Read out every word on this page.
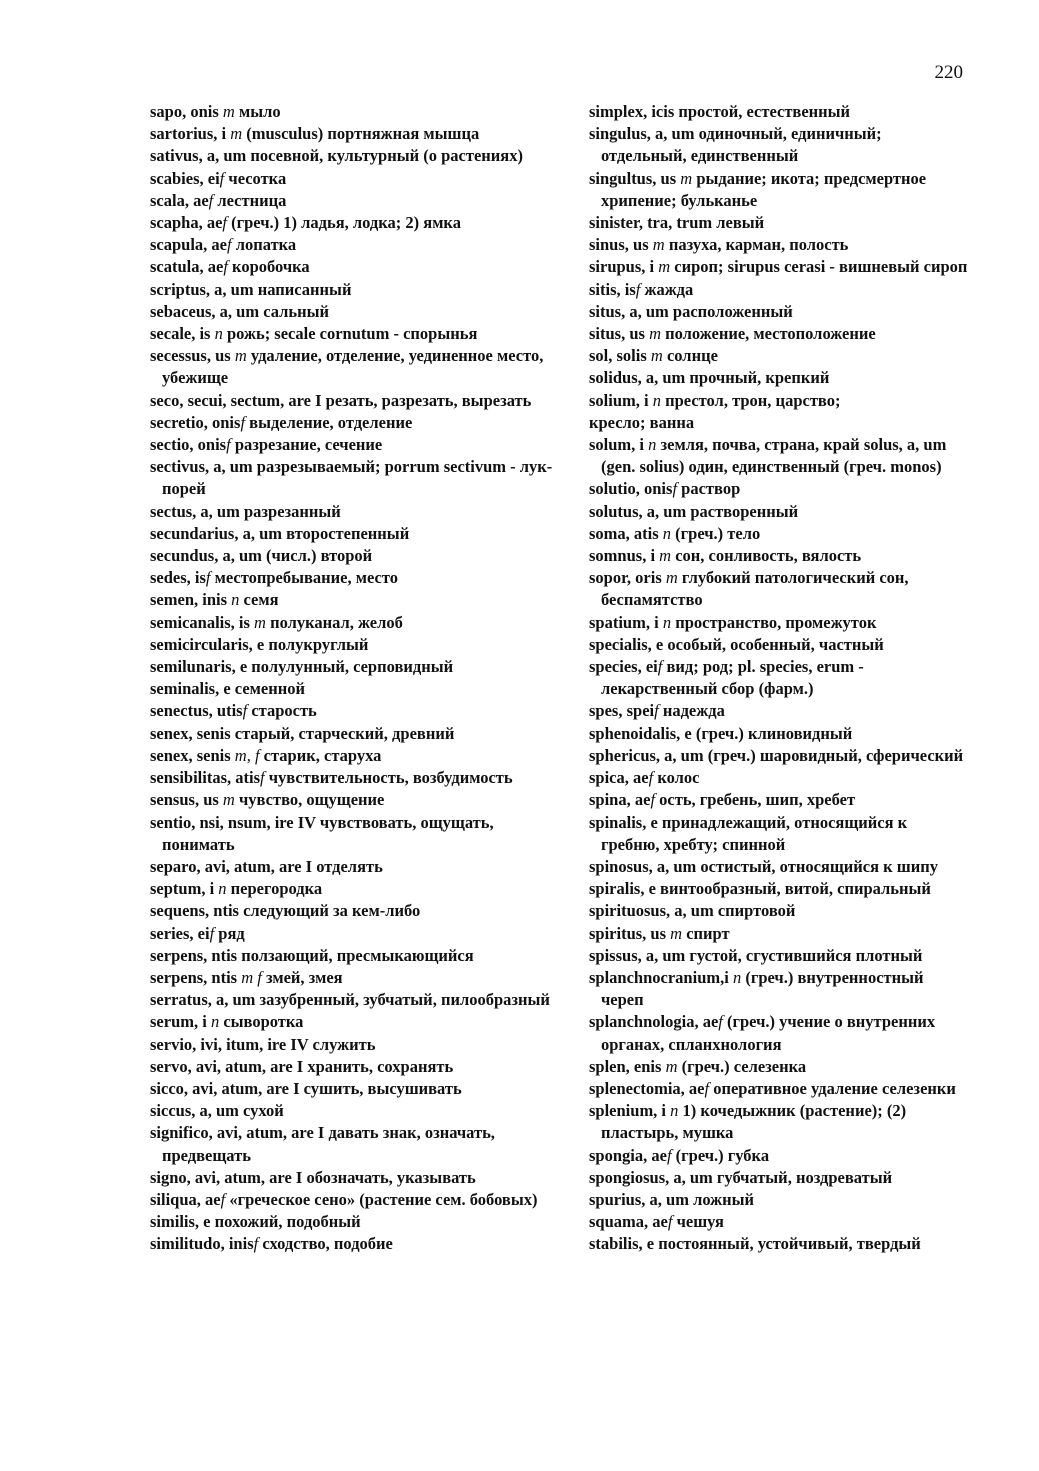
220
sapo, onis m мыло
sartorius, i m (musculus) портняжная мышца
sativus, a, um посевной, культурный (о растениях)
scabies, eif чесотка
scala, aef лестница
scapha, aef (греч.) 1) ладья, лодка; 2) ямка
scapula, aef лопатка
scatula, aef коробочка
scriptus, a, um написанный
sebaceus, a, um сальный
secale, is n рожь; secale cornutum - спорынья
secessus, us m удаление, отделение, уединенное место, убежище
seco, secui, sectum, are I резать, разрезать, вырезать
secretio, onisf выделение, отделение
sectio, onisf разрезание, сечение
sectivus, a, um разрезываемый; porrum sectivum - лук-порей
sectus, a, um разрезанный
secundarius, a, um второстепенный
secundus, a, um (числ.) второй
sedes, isf местопребывание, место
semen, inis n семя
semicanalis, is m полуканал, желоб
semicircularis, e полукруглый
semilunaris, e полулунный, серповидный
seminalis, e семенной
senectus, utisf старость
senex, senis старый, старческий, древний
senex, senis m, f старик, старуха
sensibilitas, atisf чувствительность, возбудимость
sensus, us m чувство, ощущение
sentio, nsi, nsum, ire IV чувствовать, ощущать, понимать
separo, avi, atum, are I отделять
septum, i n перегородка
sequens, ntis следующий за кем-либо
series, eif ряд
serpens, ntis ползающий, пресмыкающийся
serpens, ntis m f змей, змея
serratus, a, um зазубренный, зубчатый, пилообразный
serum, i n сыворотка
servio, ivi, itum, ire IV служить
servo, avi, atum, are I хранить, сохранять
sicco, avi, atum, are I сушить, высушивать
siccus, a, um сухой
significo, avi, atum, are I давать знак, означать, предвещать
signo, avi, atum, are I обозначать, указывать
siliqua, aef «греческое сено» (растение сем. бобовых)
similis, e похожий, подобный
similitudo, inisf сходство, подобие
simplex, icis простой, естественный
singulus, a, um одиночный, единичный; отдельный, единственный
singultus, us m рыдание; икота; предсмертное хрипение; бульканье
sinister, tra, trum левый
sinus, us m пазуха, карман, полость
sirupus, i m сироп; sirupus cerasi - вишневый сироп
sitis, isf жажда
situs, a, um расположенный
situs, us m положение, местоположение
sol, solis m солнце
solidus, a, um прочный, крепкий
solium, i n престол, трон, царство;
кресло; ванна
solum, i n земля, почва, страна, край solus, a, um (gen. solius) один, единственный (греч. monos)
solutio, onisf раствор
solutus, a, um растворенный
soma, atis n (греч.) тело
somnus, i m сон, сонливость, вялость
sopor, oris m глубокий патологический сон, беспамятство
spatium, i n пространство, промежуток
specialis, e особый, особенный, частный
species, eif вид; род; pl. species, erum - лекарственный сбор (фарм.)
spes, speif надежда
sphenoidalis, e (греч.) клиновидный
sphericus, a, um (греч.) шаровидный, сферический
spica, aef колос
spina, aef ость, гребень, шип, хребет
spinalis, e принадлежащий, относящийся к гребню, хребту; спинной
spinosus, a, um остистый, относящийся к шипу
spiralis, e винтообразный, витой, спиральный
spirituosus, a, um спиртовой
spiritus, us m спирт
spissus, a, um густой, сгустившийся плотный
splanchnocranium,i n (греч.) внутренностный череп
splanchnologia, aef (греч.) учение о внутренних органах, спланхнология
splen, enis m (греч.) селезенка
splenectomia, aef оперативное удаление селезенки
splenium, i n 1) кочедыжник (растение); (2) пластырь, мушка
spongia, aef (греч.) губка
spongiosus, a, um губчатый, ноздреватый
spurius, a, um ложный
squama, aef чешуя
stabilis, e постоянный, устойчивый, твердый
